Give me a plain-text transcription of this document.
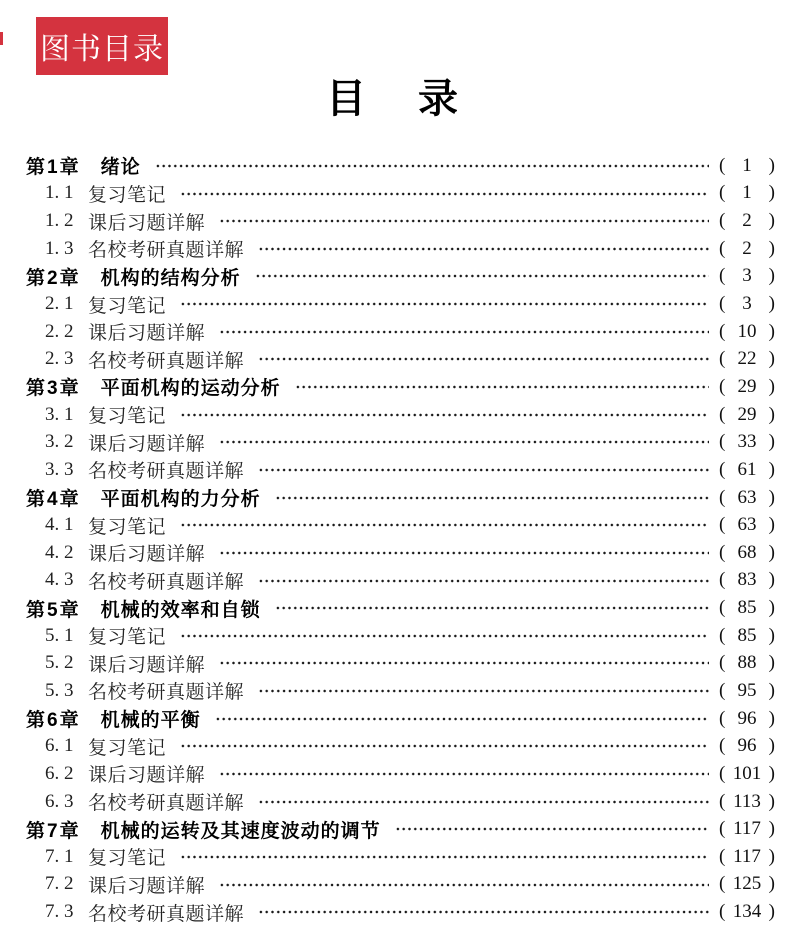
图书目录
目　录
第1章 绪论	( 1 )
1. 1 复习笔记	( 1 )
1. 2 课后习题详解	( 2 )
1. 3 名校考研真题详解	( 2 )
第2章 机构的结构分析	( 3 )
2. 1 复习笔记	( 3 )
2. 2 课后习题详解	( 10 )
2. 3 名校考研真题详解	( 22 )
第3章 平面机构的运动分析	( 29 )
3. 1 复习笔记	( 29 )
3. 2 课后习题详解	( 33 )
3. 3 名校考研真题详解	( 61 )
第4章 平面机构的力分析	( 63 )
4. 1 复习笔记	( 63 )
4. 2 课后习题详解	( 68 )
4. 3 名校考研真题详解	( 83 )
第5章 机械的效率和自锁	( 85 )
5. 1 复习笔记	( 85 )
5. 2 课后习题详解	( 88 )
5. 3 名校考研真题详解	( 95 )
第6章 机械的平衡	( 96 )
6. 1 复习笔记	( 96 )
6. 2 课后习题详解	( 101 )
6. 3 名校考研真题详解	( 113 )
第7章 机械的运转及其速度波动的调节	( 117 )
7. 1 复习笔记	( 117 )
7. 2 课后习题详解	( 125 )
7. 3 名校考研真题详解	( 134 )
